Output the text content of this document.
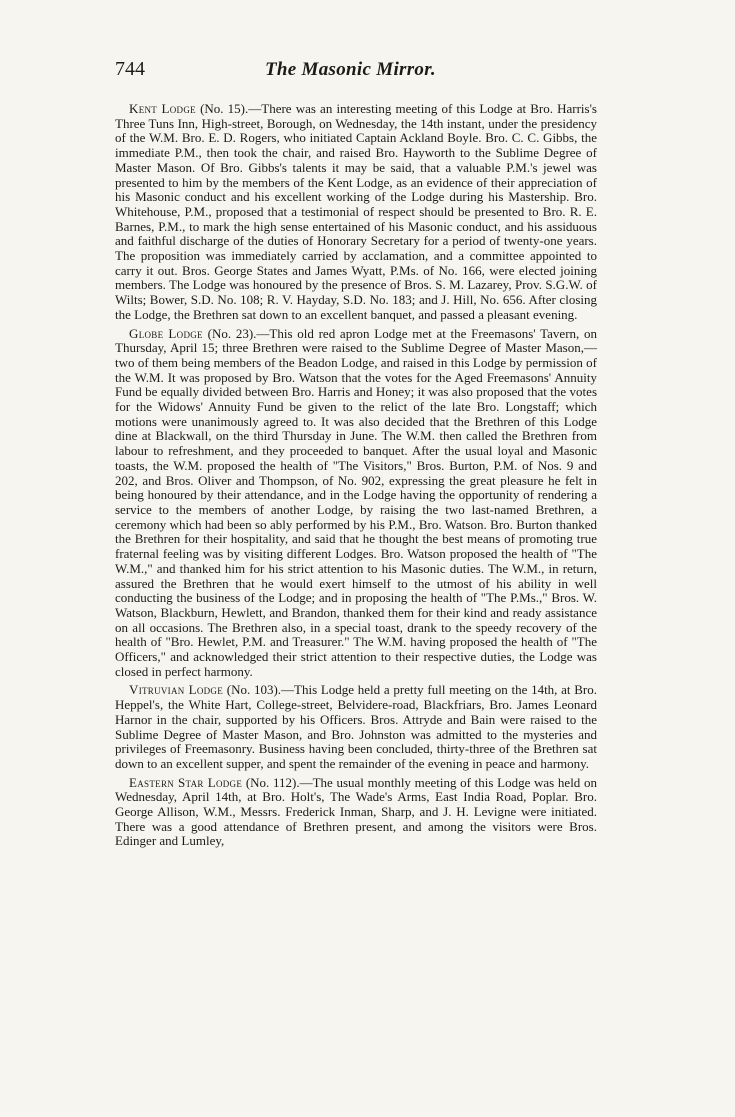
744	The Masonic Mirror.

Kent Lodge (No. 15).—There was an interesting meeting of this Lodge at Bro. Harris's Three Tuns Inn, High-street, Borough, on Wednesday, the 14th instant, under the presidency of the W.M. Bro. E. D. Rogers, who initiated Captain Ackland Boyle. Bro. C. C. Gibbs, the immediate P.M., then took the chair, and raised Bro. Hayworth to the Sublime Degree of Master Mason. Of Bro. Gibbs's talents it may be said, that a valuable P.M.'s jewel was presented to him by the members of the Kent Lodge, as an evidence of their appreciation of his Masonic conduct and his excellent working of the Lodge during his Mastership. Bro. Whitehouse, P.M., proposed that a testimonial of respect should be presented to Bro. R. E. Barnes, P.M., to mark the high sense entertained of his Masonic conduct, and his assiduous and faithful discharge of the duties of Honorary Secretary for a period of twenty-one years. The proposition was immediately carried by acclamation, and a committee appointed to carry it out. Bros. George States and James Wyatt, P.Ms. of No. 166, were elected joining members. The Lodge was honoured by the presence of Bros. S. M. Lazarey, Prov. S.G.W. of Wilts; Bower, S.D. No. 108; R. V. Hayday, S.D. No. 183; and J. Hill, No. 656. After closing the Lodge, the Brethren sat down to an excellent banquet, and passed a pleasant evening.

Globe Lodge (No. 23).—This old red apron Lodge met at the Freemasons' Tavern, on Thursday, April 15; three Brethren were raised to the Sublime Degree of Master Mason,—two of them being members of the Beadon Lodge, and raised in this Lodge by permission of the W.M. It was proposed by Bro. Watson that the votes for the Aged Freemasons' Annuity Fund be equally divided between Bro. Harris and Honey; it was also proposed that the votes for the Widows' Annuity Fund be given to the relict of the late Bro. Longstaff; which motions were unanimously agreed to. It was also decided that the Brethren of this Lodge dine at Blackwall, on the third Thursday in June. The W.M. then called the Brethren from labour to refreshment, and they proceeded to banquet. After the usual loyal and Masonic toasts, the W.M. proposed the health of "The Visitors," Bros. Burton, P.M. of Nos. 9 and 202, and Bros. Oliver and Thompson, of No. 902, expressing the great pleasure he felt in being honoured by their attendance, and in the Lodge having the opportunity of rendering a service to the members of another Lodge, by raising the two last-named Brethren, a ceremony which had been so ably performed by his P.M., Bro. Watson. Bro. Burton thanked the Brethren for their hospitality, and said that he thought the best means of promoting true fraternal feeling was by visiting different Lodges. Bro. Watson proposed the health of "The W.M.," and thanked him for his strict attention to his Masonic duties. The W.M., in return, assured the Brethren that he would exert himself to the utmost of his ability in well conducting the business of the Lodge; and in proposing the health of "The P.Ms.," Bros. W. Watson, Blackburn, Hewlett, and Brandon, thanked them for their kind and ready assistance on all occasions. The Brethren also, in a special toast, drank to the speedy recovery of the health of "Bro. Hewlet, P.M. and Treasurer." The W.M. having proposed the health of "The Officers," and acknowledged their strict attention to their respective duties, the Lodge was closed in perfect harmony.

Vitruvian Lodge (No. 103).—This Lodge held a pretty full meeting on the 14th, at Bro. Heppel's, the White Hart, College-street, Belvidere-road, Blackfriars, Bro. James Leonard Harnor in the chair, supported by his Officers. Bros. Attryde and Bain were raised to the Sublime Degree of Master Mason, and Bro. Johnston was admitted to the mysteries and privileges of Freemasonry. Business having been concluded, thirty-three of the Brethren sat down to an excellent supper, and spent the remainder of the evening in peace and harmony.

Eastern Star Lodge (No. 112).—The usual monthly meeting of this Lodge was held on Wednesday, April 14th, at Bro. Holt's, The Wade's Arms, East India Road, Poplar. Bro. George Allison, W.M., Messrs. Frederick Inman, Sharp, and J. H. Levigne were initiated. There was a good attendance of Brethren present, and among the visitors were Bros. Edinger and Lumley,
